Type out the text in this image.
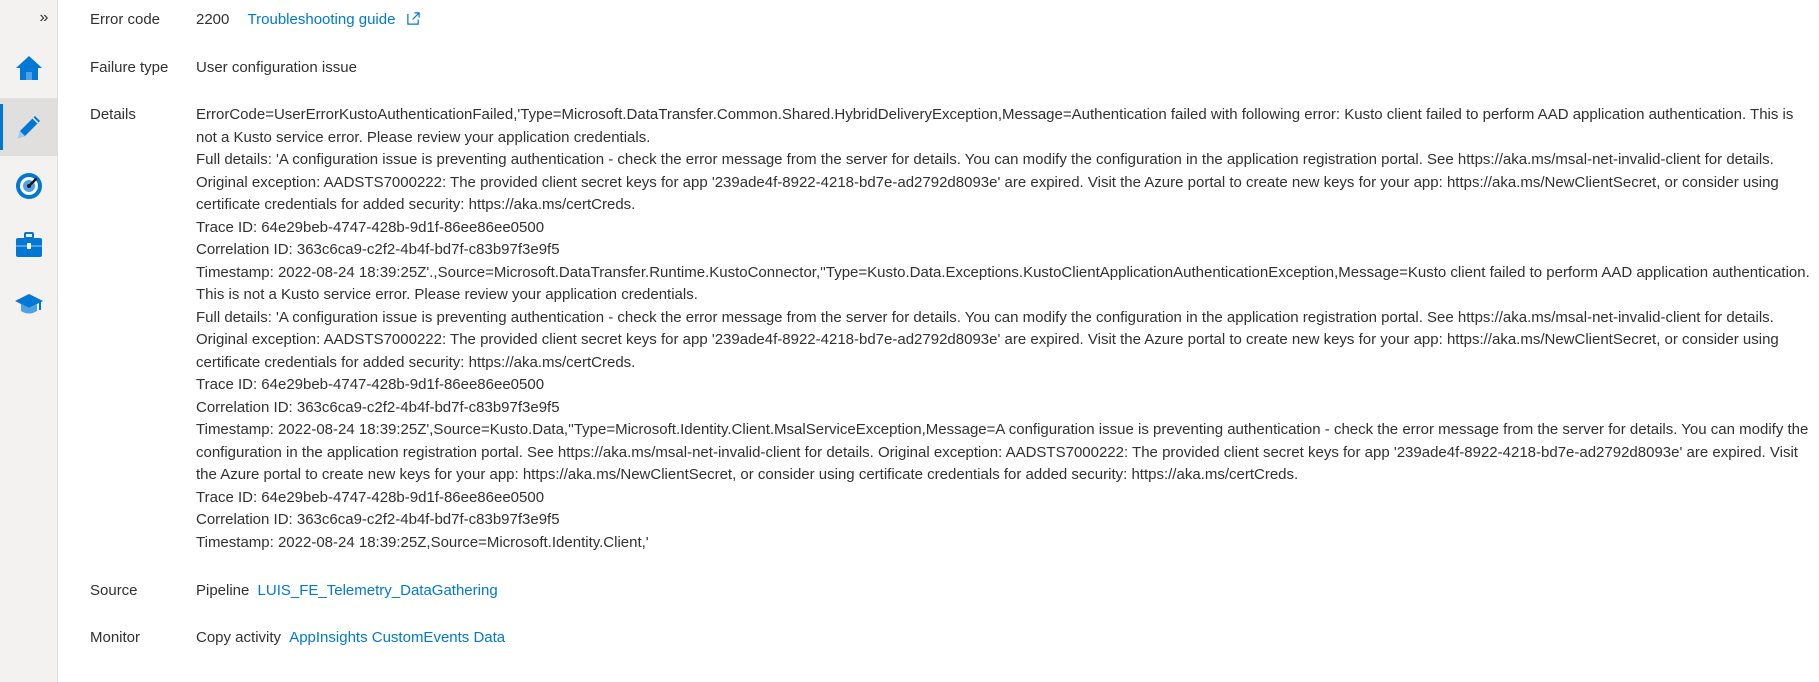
»	Error code	2200 Troubleshooting guide
Failure type	User configuration issue
Details	ErrorCode=UserErrorKustoAuthenticationFailed,'Type=Microsoft.DataTransfer.Common.Shared.HybridDeliveryException,Message=Authentication failed with following error: Kusto client failed to perform AAD application authentication. This is not a Kusto service error. Please review your application credentials.
Full details: 'A configuration issue is preventing authentication - check the error message from the server for details. You can modify the configuration in the application registration portal. See https://aka.ms/msal-net-invalid-client for details. Original exception: AADSTS7000222: The provided client secret keys for app '239ade4f-8922-4218-bd7e-ad2792d8093e' are expired. Visit the Azure portal to create new keys for your app: https://aka.ms/NewClientSecret, or consider using certificate credentials for added security: https://aka.ms/certCreds.
Trace ID: 64e29beb-4747-428b-9d1f-86ee86ee0500
Correlation ID: 363c6ca9-c2f2-4b4f-bd7f-c83b97f3e9f5
Timestamp: 2022-08-24 18:39:25Z'.,Source=Microsoft.DataTransfer.Runtime.KustoConnector,''Type=Kusto.Data.Exceptions.KustoClientApplicationAuthenticationException,Message=Kusto client failed to perform AAD application authentication. This is not a Kusto service error. Please review your application credentials.
Full details: 'A configuration issue is preventing authentication - check the error message from the server for details. You can modify the configuration in the application registration portal. See https://aka.ms/msal-net-invalid-client for details. Original exception: AADSTS7000222: The provided client secret keys for app '239ade4f-8922-4218-bd7e-ad2792d8093e' are expired. Visit the Azure portal to create new keys for your app: https://aka.ms/NewClientSecret, or consider using certificate credentials for added security: https://aka.ms/certCreds.
Trace ID: 64e29beb-4747-428b-9d1f-86ee86ee0500
Correlation ID: 363c6ca9-c2f2-4b4f-bd7f-c83b97f3e9f5
Timestamp: 2022-08-24 18:39:25Z',Source=Kusto.Data,''Type=Microsoft.Identity.Client.MsalServiceException,Message=A configuration issue is preventing authentication - check the error message from the server for details. You can modify the configuration in the application registration portal. See https://aka.ms/msal-net-invalid-client for details. Original exception: AADSTS7000222: The provided client secret keys for app '239ade4f-8922-4218-bd7e-ad2792d8093e' are expired. Visit the Azure portal to create new keys for your app: https://aka.ms/NewClientSecret, or consider using certificate credentials for added security: https://aka.ms/certCreds.
Trace ID: 64e29beb-4747-428b-9d1f-86ee86ee0500
Correlation ID: 363c6ca9-c2f2-4b4f-bd7f-c83b97f3e9f5
Timestamp: 2022-08-24 18:39:25Z,Source=Microsoft.Identity.Client,'
Source	Pipeline LUIS_FE_Telemetry_DataGathering
Monitor	Copy activity AppInsights CustomEvents Data
